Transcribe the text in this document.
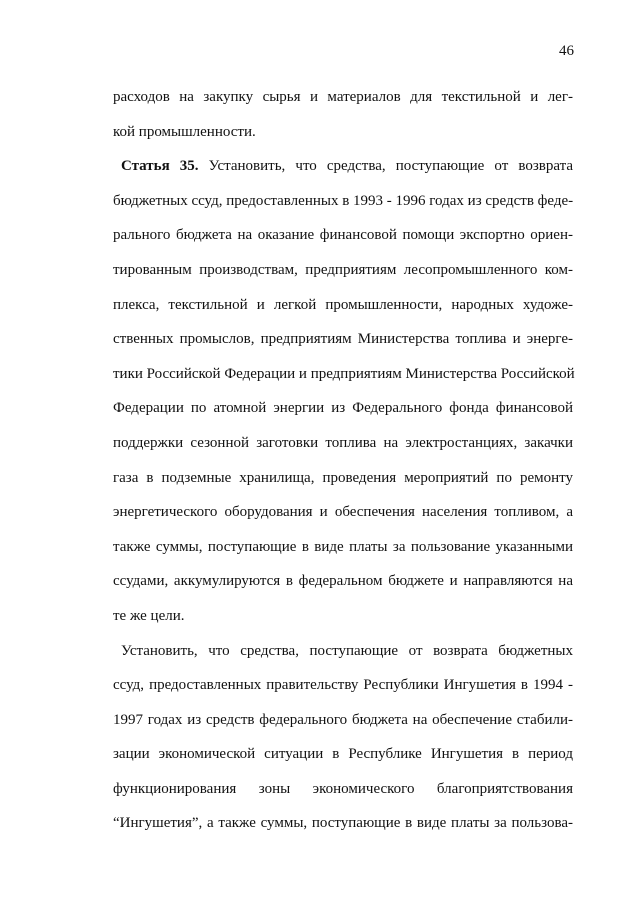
46

расходов на закупку сырья и материалов для текстильной и лег-
кой промышленности.

Статья 35. Установить, что средства, поступающие от возврата
бюджетных ссуд, предоставленных в 1993 - 1996 годах из средств феде-
рального бюджета на оказание финансовой помощи экспортно ориен-
тированным производствам, предприятиям лесопромышленного ком-
плекса, текстильной и легкой промышленности, народных художе-
ственных промыслов, предприятиям Министерства топлива и энерге-
тики Российской Федерации и предприятиям Министерства Российской
Федерации по атомной энергии из Федерального фонда финансовой
поддержки сезонной заготовки топлива на электростанциях, закачки
газа в подземные хранилища, проведения мероприятий по ремонту
энергетического оборудования и обеспечения населения топливом, а
также суммы, поступающие в виде платы за пользование указанными
ссудами, аккумулируются в федеральном бюджете и направляются на
те же цели.

Установить, что средства, поступающие от возврата бюджетных
ссуд, предоставленных правительству Республики Ингушетия в 1994 -
1997 годах из средств федерального бюджета на обеспечение стабили-
зации экономической ситуации в Республике Ингушетия в период
функционирования зоны экономического благоприятствования
“Ингушетия”, а также суммы, поступающие в виде платы за пользова-
